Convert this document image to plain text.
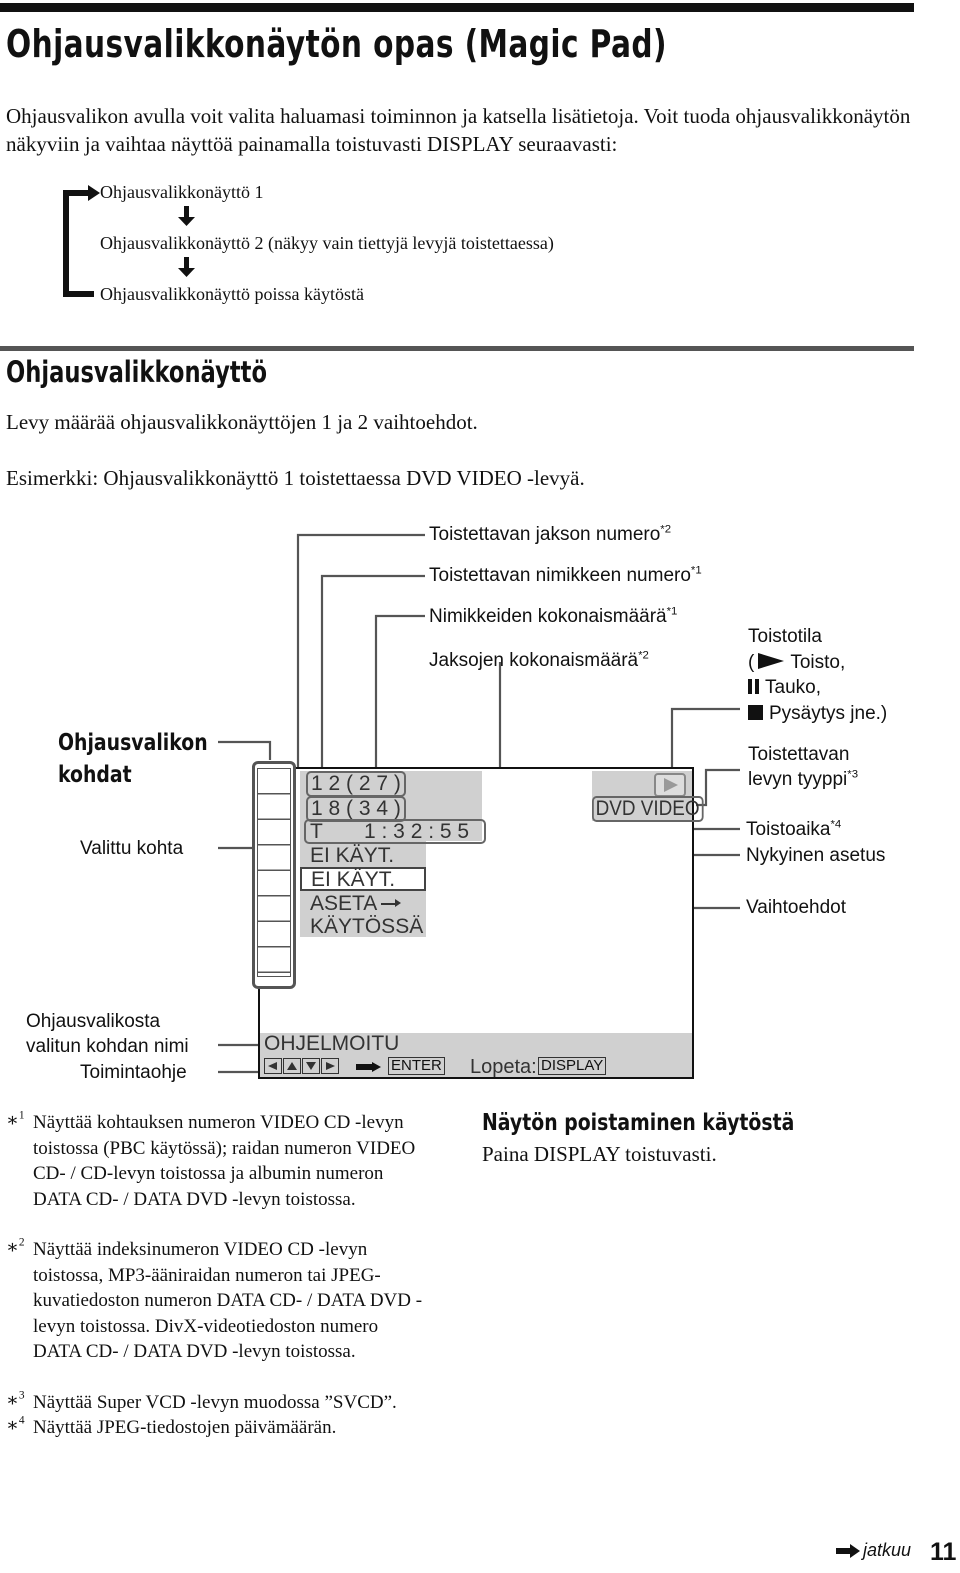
Ohjausvalikkonäytön opas (Magic Pad)
Ohjausvalikon avulla voit valita haluamasi toiminnon ja katsella lisätietoja. Voit tuoda ohjausvalikkonäytön näkyviin ja vaihtaa näyttöä painamalla toistuvasti DISPLAY seuraavasti:
Ohjausvalikkonäyttö 1
Ohjausvalikkonäyttö 2 (näkyy vain tiettyjä levyjä toistettaessa)
Ohjausvalikkonäyttö poissa käytöstä
Ohjausvalikkonäyttö
Levy määrää ohjausvalikkonäyttöjen 1 ja 2 vaihtoehdot.
Esimerkki: Ohjausvalikkonäyttö 1 toistettaessa DVD VIDEO -levyä.
Toistettavan jakson numero$^{*2}$
Toistettavan nimikkeen numero$^{*1}$
Nimikkeiden kokonaismäärä$^{*1}$
Jaksojen kokonaismäärä$^{*2}$
Toistotila
( Toisto,
Tauko,
Pysäytys jne.)
Toistettavan
levyn tyyppi$^{*3}$
Toistoaika$^{*4}$
Nykyinen asetus
Vaihtoehdot
Ohjausvalikon
kohdat
Valittu kohta
Ohjausvalikosta
valitun kohdan nimi
Toimintaohje
1 2 ( 2 7 )
1 8 ( 3 4 )
T 1 : 3 2 : 5 5
DVD VIDEO
EI KÄYT.
EI KÄYT.
ASETA
KÄYTÖSSÄ
OHJELMOITU
ENTER Lopeta: DISPLAY
∗$^1$ Näyttää kohtauksen numeron VIDEO CD -levyn toistossa (PBC käytössä); raidan numeron VIDEO CD- / CD-levyn toistossa ja albumin numeron DATA CD- / DATA DVD -levyn toistossa.
∗$^2$ Näyttää indeksinumeron VIDEO CD -levyn toistossa, MP3-ääniraidan numeron tai JPEG-kuvatiedoston numeron DATA CD- / DATA DVD -levyn toistossa. DivX-videotiedoston numero DATA CD- / DATA DVD -levyn toistossa.
∗$^3$ Näyttää Super VCD -levyn muodossa ”SVCD”.
∗$^4$ Näyttää JPEG-tiedostojen päivämäärän.
Näytön poistaminen käytöstä
Paina DISPLAY toistuvasti.
jatkuu 11
